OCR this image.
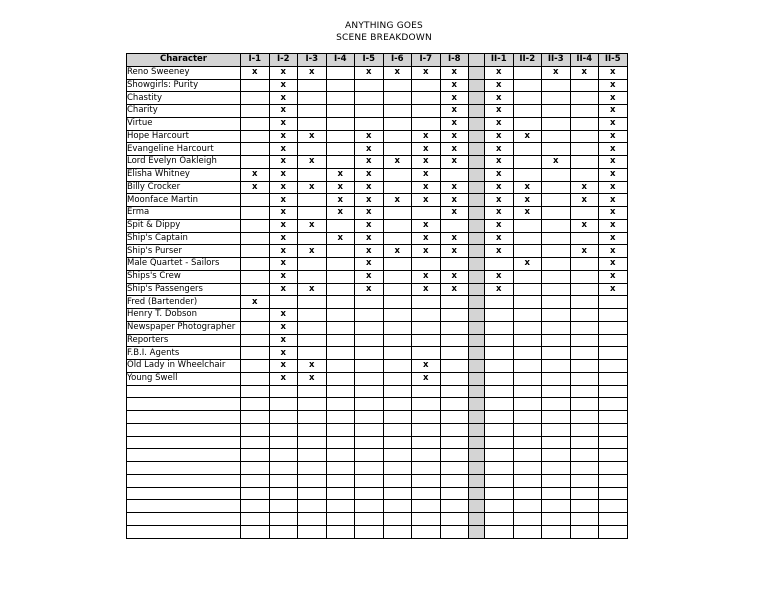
ANYTHING GOES
SCENE BREAKDOWN
Character	I-1	I-2	I-3	I-4	I-5	I-6	I-7	I-8		II-1	II-2	II-3	II-4	II-5
Reno Sweeney	x	x	x		x	x	x	x		x		x	x	x
Showgirls: Purity		x						x		x				x
Chastity		x						x		x				x
Charity		x						x		x				x
Virtue		x						x		x				x
Hope Harcourt		x	x		x		x	x		x	x			x
Evangeline Harcourt		x			x		x	x		x				x
Lord Evelyn Oakleigh		x	x		x	x	x	x		x		x		x
Elisha Whitney	x	x		x	x		x			x				x
Billy Crocker	x	x	x	x	x		x	x		x	x		x	x
Moonface Martin		x		x	x	x	x	x		x	x		x	x
Erma		x		x	x			x		x	x			x
Spit & Dippy		x	x		x		x			x			x	x
Ship's Captain		x		x	x		x	x		x				x
Ship's Purser		x	x		x	x	x	x		x			x	x
Male Quartet - Sailors		x			x						x			x
Ships's Crew		x			x		x	x		x				x
Ship's Passengers		x	x		x		x	x		x				x
Fred (Bartender)	x													
Henry T. Dobson		x												
Newspaper Photographer		x												
Reporters		x												
F.B.I. Agents		x												
Old Lady in Wheelchair		x	x				x							
Young Swell		x	x				x							
